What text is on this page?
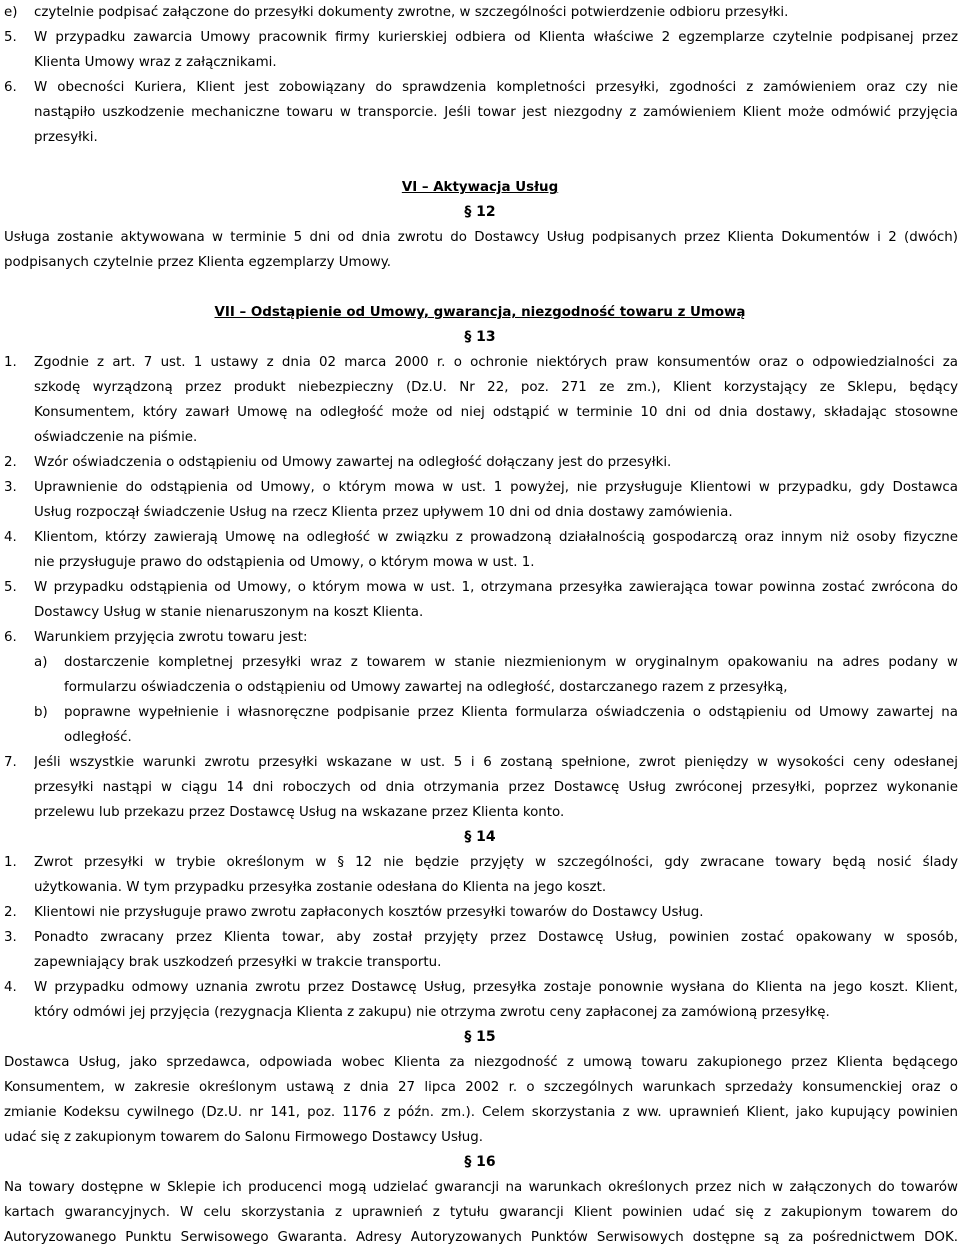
e) czytelnie podpisać załączone do przesyłki dokumenty zwrotne, w szczególności potwierdzenie odbioru przesyłki.
5. W przypadku zawarcia Umowy pracownik firmy kurierskiej odbiera od Klienta właściwe 2 egzemplarze czytelnie podpisanej przez
Klienta Umowy wraz z załącznikami.
6. W obecności Kuriera, Klient jest zobowiązany do sprawdzenia kompletności przesyłki, zgodności z zamówieniem oraz czy nie
nastąpiło uszkodzenie mechaniczne towaru w transporcie. Jeśli towar jest niezgodny z zamówieniem Klient może odmówić przyjęcia
przesyłki.
VI – Aktywacja Usług
§ 12
Usługa zostanie aktywowana w terminie 5 dni od dnia zwrotu do Dostawcy Usług podpisanych przez Klienta Dokumentów i 2 (dwóch)
podpisanych czytelnie przez Klienta egzemplarzy Umowy.
VII – Odstąpienie od Umowy, gwarancja, niezgodność towaru z Umową
§ 13
1. Zgodnie z art. 7 ust. 1 ustawy z dnia 02 marca 2000 r. o ochronie niektórych praw konsumentów oraz o odpowiedzialności za
szkodę wyrządzoną przez produkt niebezpieczny (Dz.U. Nr 22, poz. 271 ze zm.), Klient korzystający ze Sklepu, będący
Konsumentem, który zawarł Umowę na odległość może od niej odstąpić w terminie 10 dni od dnia dostawy, składając stosowne
oświadczenie na piśmie.
2. Wzór oświadczenia o odstąpieniu od Umowy zawartej na odległość dołączany jest do przesyłki.
3. Uprawnienie do odstąpienia od Umowy, o którym mowa w ust. 1 powyżej, nie przysługuje Klientowi w przypadku, gdy Dostawca
Usług rozpoczął świadczenie Usług na rzecz Klienta przez upływem 10 dni od dnia dostawy zamówienia.
4. Klientom, którzy zawierają Umowę na odległość w związku z prowadzoną działalnością gospodarczą oraz innym niż osoby fizyczne
nie przysługuje prawo do odstąpienia od Umowy, o którym mowa w ust. 1.
5. W przypadku odstąpienia od Umowy, o którym mowa w ust. 1, otrzymana przesyłka zawierająca towar powinna zostać zwrócona do
Dostawcy Usług w stanie nienaruszonym na koszt Klienta.
6. Warunkiem przyjęcia zwrotu towaru jest:
a) dostarczenie kompletnej przesyłki wraz z towarem w stanie niezmienionym w oryginalnym opakowaniu na adres podany w
formularzu oświadczenia o odstąpieniu od Umowy zawartej na odległość, dostarczanego razem z przesyłką,
b) poprawne wypełnienie i własnoręczne podpisanie przez Klienta formularza oświadczenia o odstąpieniu od Umowy zawartej na
odległość.
7. Jeśli wszystkie warunki zwrotu przesyłki wskazane w ust. 5 i 6 zostaną spełnione, zwrot pieniędzy w wysokości ceny odesłanej
przesyłki nastąpi w ciągu 14 dni roboczych od dnia otrzymania przez Dostawcę Usług zwróconej przesyłki, poprzez wykonanie
przelewu lub przekazu przez Dostawcę Usług na wskazane przez Klienta konto.
§ 14
1. Zwrot przesyłki w trybie określonym w § 12 nie będzie przyjęty w szczególności, gdy zwracane towary będą nosić ślady
użytkowania. W tym przypadku przesyłka zostanie odesłana do Klienta na jego koszt.
2. Klientowi nie przysługuje prawo zwrotu zapłaconych kosztów przesyłki towarów do Dostawcy Usług.
3. Ponadto zwracany przez Klienta towar, aby został przyjęty przez Dostawcę Usług, powinien zostać opakowany w sposób,
zapewniający brak uszkodzeń przesyłki w trakcie transportu.
4. W przypadku odmowy uznania zwrotu przez Dostawcę Usług, przesyłka zostaje ponownie wysłana do Klienta na jego koszt. Klient,
który odmówi jej przyjęcia (rezygnacja Klienta z zakupu) nie otrzyma zwrotu ceny zapłaconej za zamówioną przesyłkę.
§ 15
Dostawca Usług, jako sprzedawca, odpowiada wobec Klienta za niezgodność z umową towaru zakupionego przez Klienta będącego
Konsumentem, w zakresie określonym ustawą z dnia 27 lipca 2002 r. o szczególnych warunkach sprzedaży konsumenckiej oraz o
zmianie Kodeksu cywilnego (Dz.U. nr 141, poz. 1176 z późn. zm.). Celem skorzystania z ww. uprawnień Klient, jako kupujący powinien
udać się z zakupionym towarem do Salonu Firmowego Dostawcy Usług.
§ 16
Na towary dostępne w Sklepie ich producenci mogą udzielać gwarancji na warunkach określonych przez nich w załączonych do towarów
kartach gwarancyjnych. W celu skorzystania z uprawnień z tytułu gwarancji Klient powinien udać się z zakupionym towarem do
Autoryzowanego Punktu Serwisowego Gwaranta. Adresy Autoryzowanych Punktów Serwisowych dostępne są za pośrednictwem DOK.
